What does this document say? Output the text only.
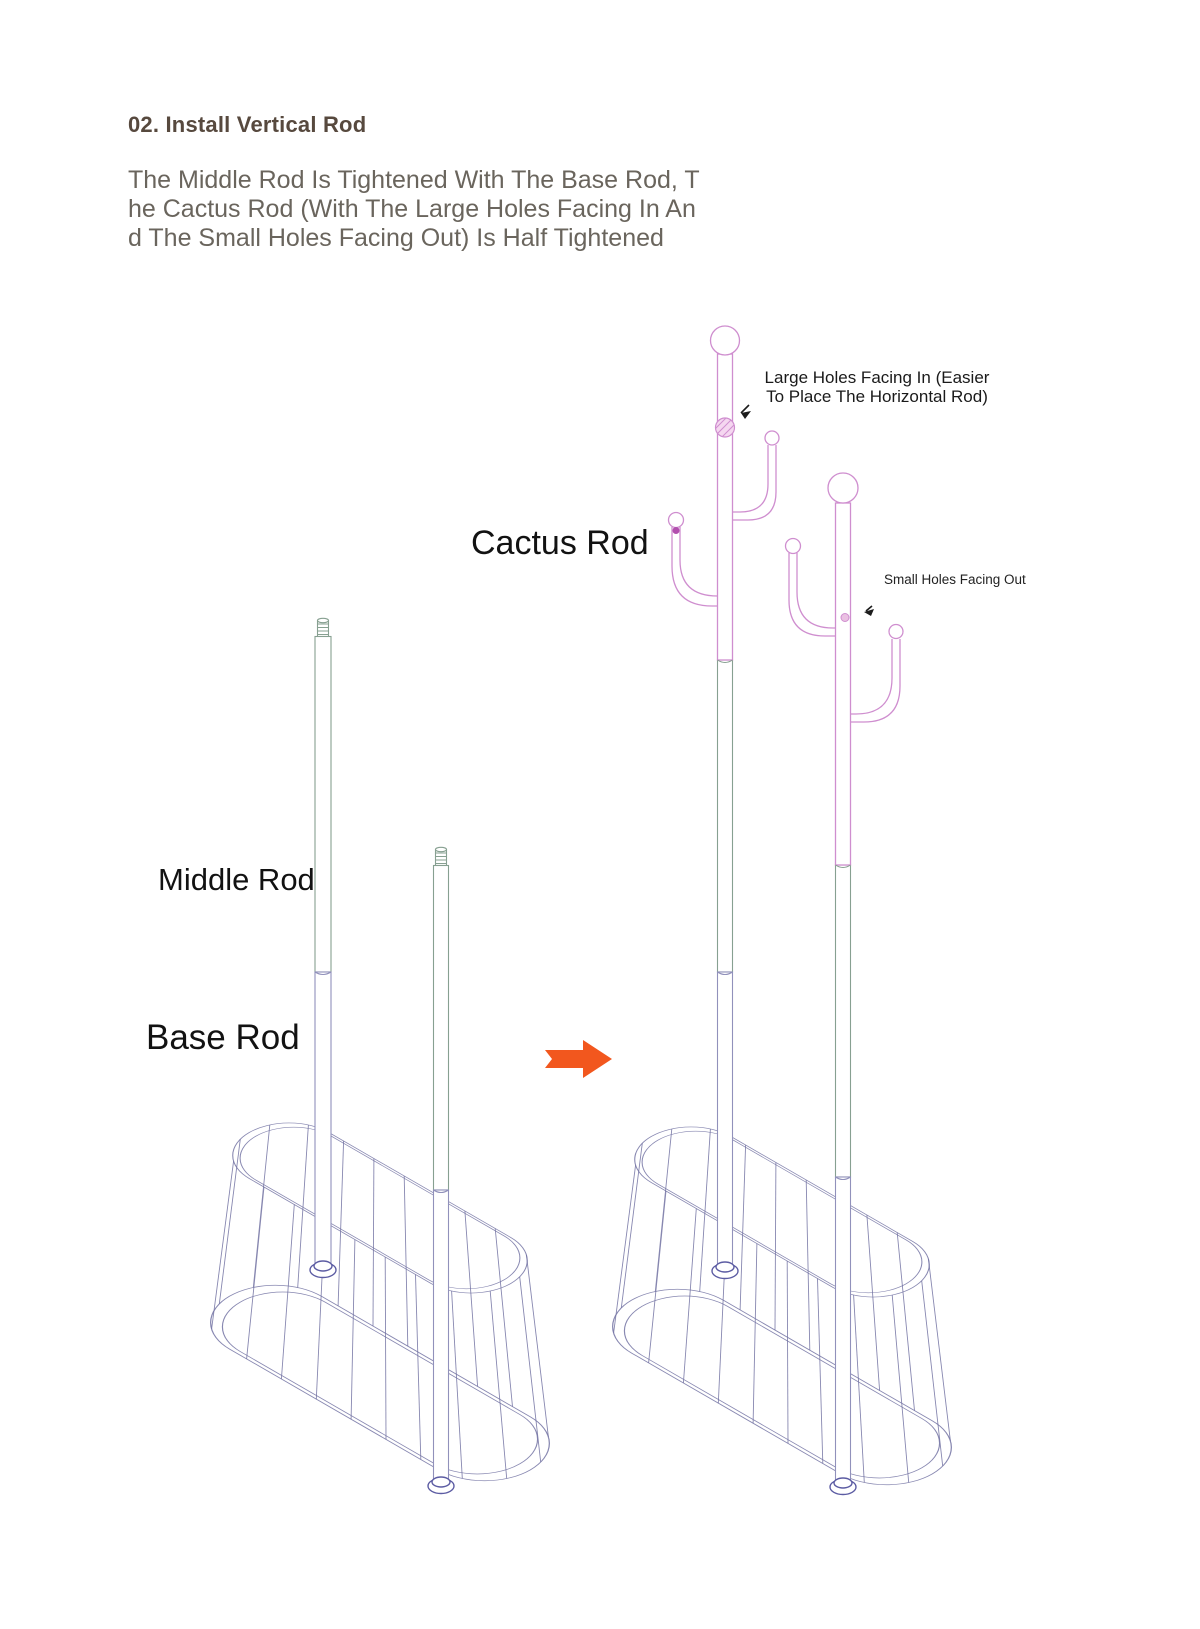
02. Install Vertical Rod
The Middle Rod Is Tightened With The Base Rod, T
he Cactus Rod (With The Large Holes Facing In An
d The Small Holes Facing Out) Is Half Tightened
Cactus Rod
Middle Rod
Base Rod
Large Holes Facing In (Easier
To Place The Horizontal Rod)
Small Holes Facing Out
